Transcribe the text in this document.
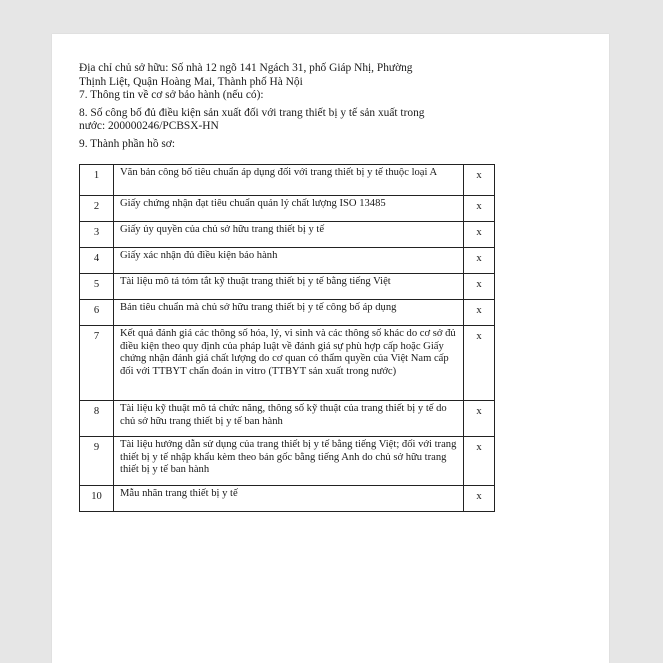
Địa chỉ chủ sở hữu: Số nhà 12 ngõ 141 Ngách 31, phố Giáp Nhị, Phường

Thịnh Liệt, Quận Hoàng Mai, Thành phố Hà Nội

7. Thông tin về cơ sở bảo hành (nếu có):

8. Số công bố đủ điều kiện sản xuất đối với trang thiết bị y tế sản xuất trong

nước: 200000246/PCBSX-HN

9. Thành phần hồ sơ:

1	Văn bản công bố tiêu chuẩn áp dụng đối với trang thiết bị y tế thuộc loại A	x
2	Giấy chứng nhận đạt tiêu chuẩn quản lý chất lượng ISO 13485	x
3	Giấy ủy quyền của chủ sở hữu trang thiết bị y tế	x
4	Giấy xác nhận đủ điều kiện bảo hành	x
5	Tài liệu mô tả tóm tắt kỹ thuật trang thiết bị y tế bằng tiếng Việt	x
6	Bản tiêu chuẩn mà chủ sở hữu trang thiết bị y tế công bố áp dụng	x
7	Kết quả đánh giá các thông số hóa, lý, vi sinh và các thông số khác do cơ sở đủ điều kiện theo quy định của pháp luật về đánh giá sự phù hợp cấp hoặc Giấy chứng nhận đánh giá chất lượng do cơ quan có thẩm quyền của Việt Nam cấp đối với TTBYT chẩn đoán in vitro (TTBYT sản xuất trong nước)	x
8	Tài liệu kỹ thuật mô tả chức năng, thông số kỹ thuật của trang thiết bị y tế do chủ sở hữu trang thiết bị y tế ban hành	x
9	Tài liệu hướng dẫn sử dụng của trang thiết bị y tế bằng tiếng Việt; đối với trang thiết bị y tế nhập khẩu kèm theo bản gốc bằng tiếng Anh do chủ sở hữu trang thiết bị y tế ban hành	x
10	Mẫu nhãn trang thiết bị y tế	x
